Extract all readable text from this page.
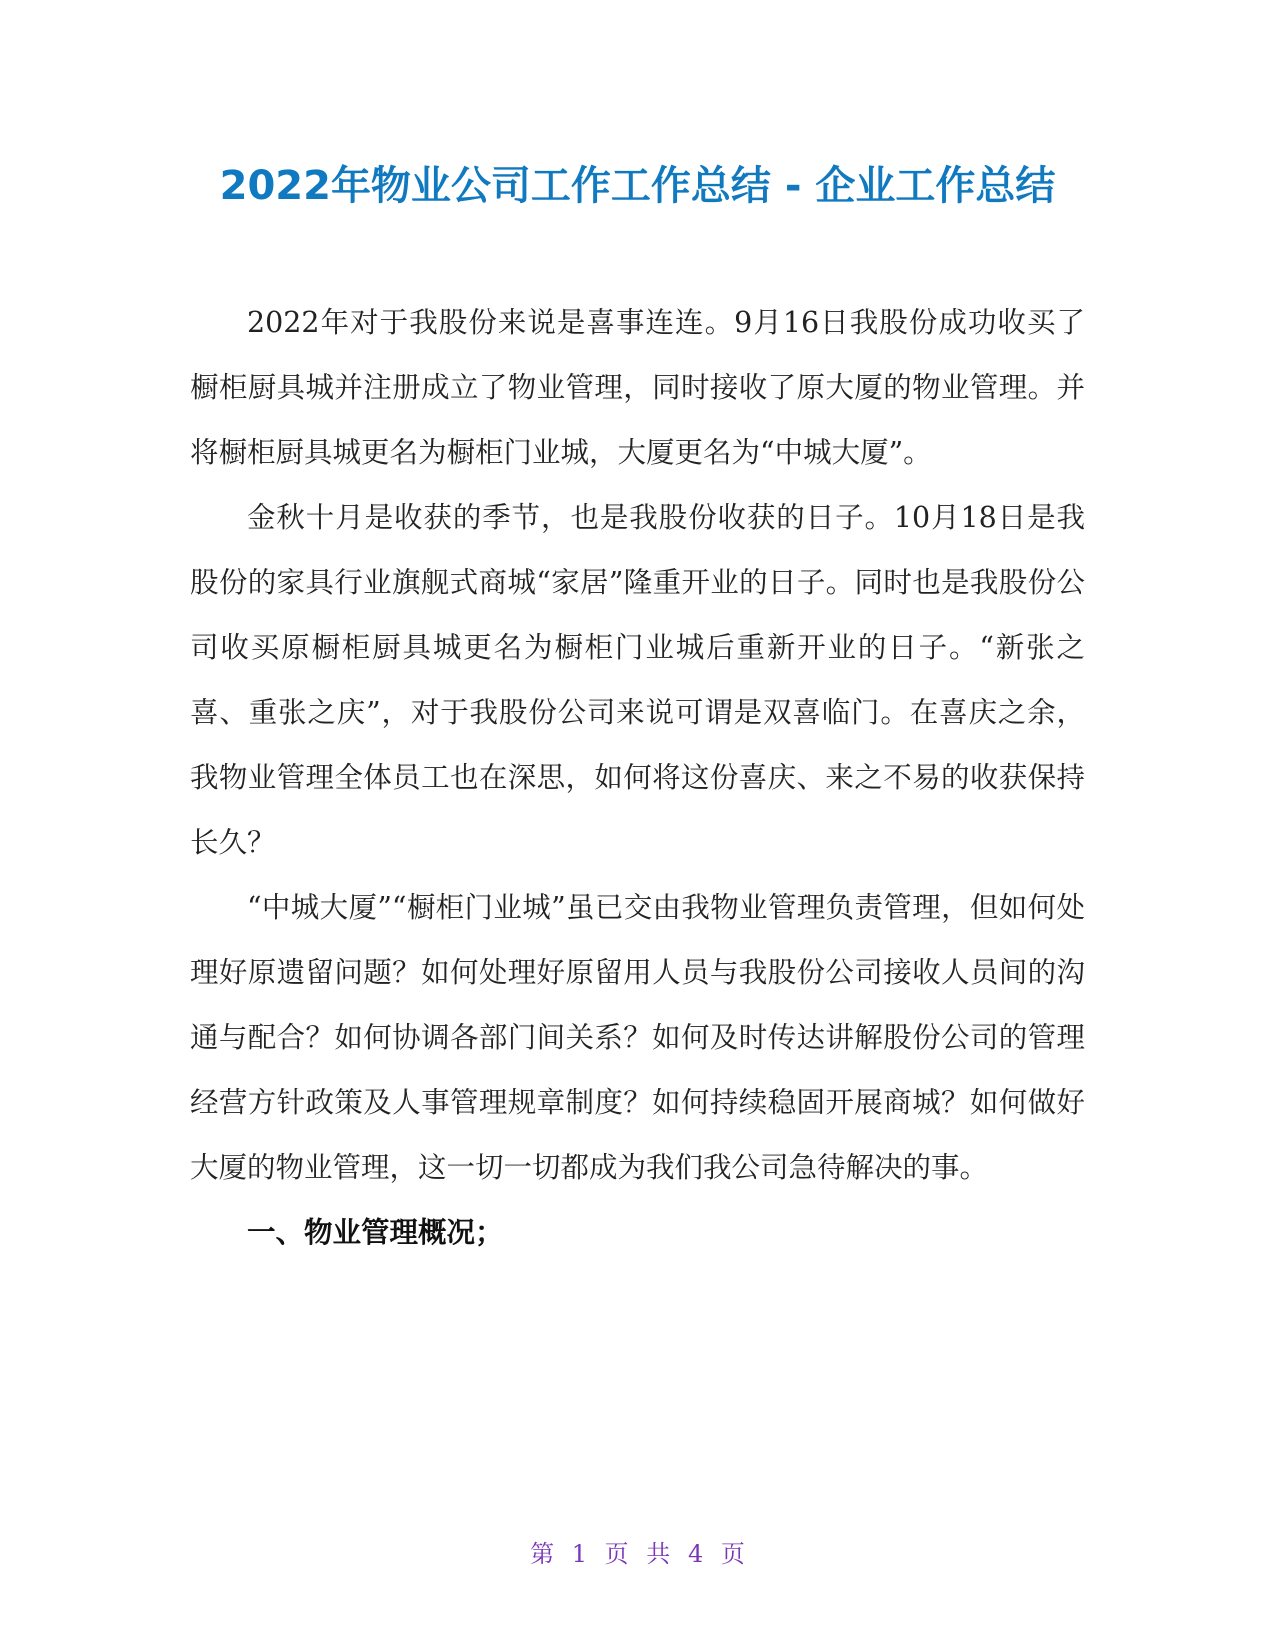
2022年物业公司工作工作总结 - 企业工作总结

2022年对于我股份来说是喜事连连。9月16日我股份成功收买了橱柜厨具城并注册成立了物业管理，同时接收了原大厦的物业管理。并将橱柜厨具城更名为橱柜门业城，大厦更名为“中城大厦”。

金秋十月是收获的季节，也是我股份收获的日子。10月18日是我股份的家具行业旗舰式商城“家居”隆重开业的日子。同时也是我股份公司收买原橱柜厨具城更名为橱柜门业城后重新开业的日子。“新张之喜、重张之庆”，对于我股份公司来说可谓是双喜临门。在喜庆之余，我物业管理全体员工也在深思，如何将这份喜庆、来之不易的收获保持长久？

“中城大厦”“橱柜门业城”虽已交由我物业管理负责管理，但如何处理好原遗留问题？如何处理好原留用人员与我股份公司接收人员间的沟通与配合？如何协调各部门间关系？如何及时传达讲解股份公司的管理经营方针政策及人事管理规章制度？如何持续稳固开展商城？如何做好大厦的物业管理，这一切一切都成为我们我公司急待解决的事。

一、物业管理概况；

第 1 页 共 4 页
